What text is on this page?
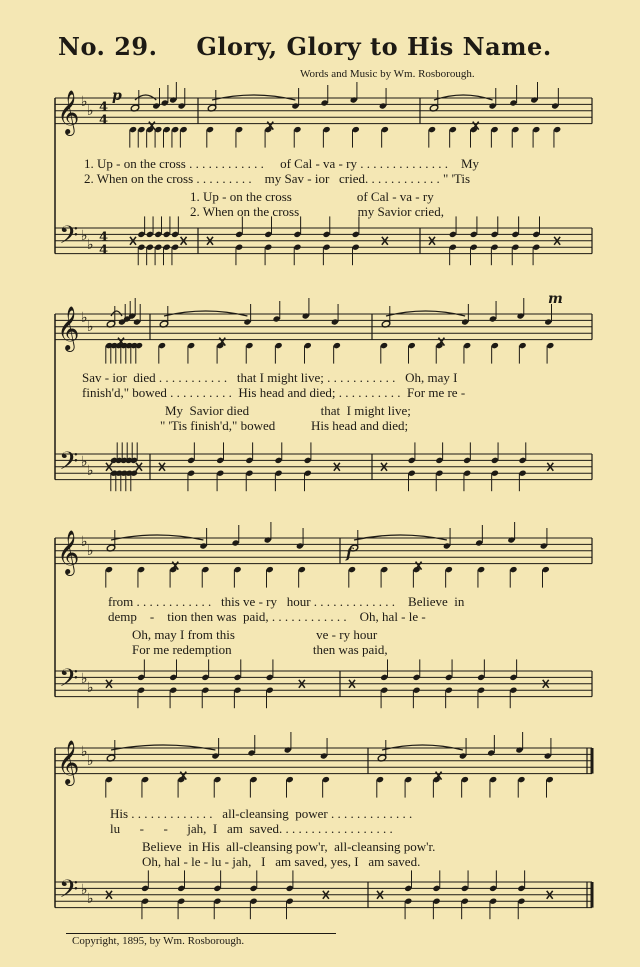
No. 29. Glory, Glory to His Name.
Words and Music by Wm. Rosborough.
𝄞
𝄢
♭
♭
♭
♭
4
4
4
4
𝄞
𝄢
♭
♭
♭
♭
𝄞
𝄢
♭
♭
♭
♭
𝄞
𝄢
♭
♭
♭
♭
p
m
f
1. Up - on the cross . . . . . . . . . . . .     of Cal - va - ry . . . . . . . . . . . . . .    My
2. When on the cross . . . . . . . . .    my Sav - ior   cried. . . . . . . . . . . . " 'Tis
1. Up - on the cross                    of Cal - va - ry
2. When on the cross                  my Savior cried,
Sav - ior  died . . . . . . . . . . .   that I might live; . . . . . . . . . . .   Oh, may I
finish'd," bowed . . . . . . . . . .  His head and died; . . . . . . . . . .  For me re -
My  Savior died                      that  I might live;
" 'Tis finish'd," bowed           His head and died;
from . . . . . . . . . . . .   this ve - ry   hour . . . . . . . . . . . . .    Believe  in
demp    -    tion then was  paid, . . . . . . . . . . . .    Oh, hal - le -
Oh, may I from this                         ve - ry hour
For me redemption                         then was paid,
His . . . . . . . . . . . . .   all-cleansing  power . . . . . . . . . . . . .
lu      -      -      jah,  I   am  saved. . . . . . . . . . . . . . . . . .
Believe  in His  all-cleansing pow'r,  all-cleansing pow'r.
Oh, hal - le - lu - jah,   I   am saved, yes, I   am saved.
Copyright, 1895, by Wm. Rosborough.
